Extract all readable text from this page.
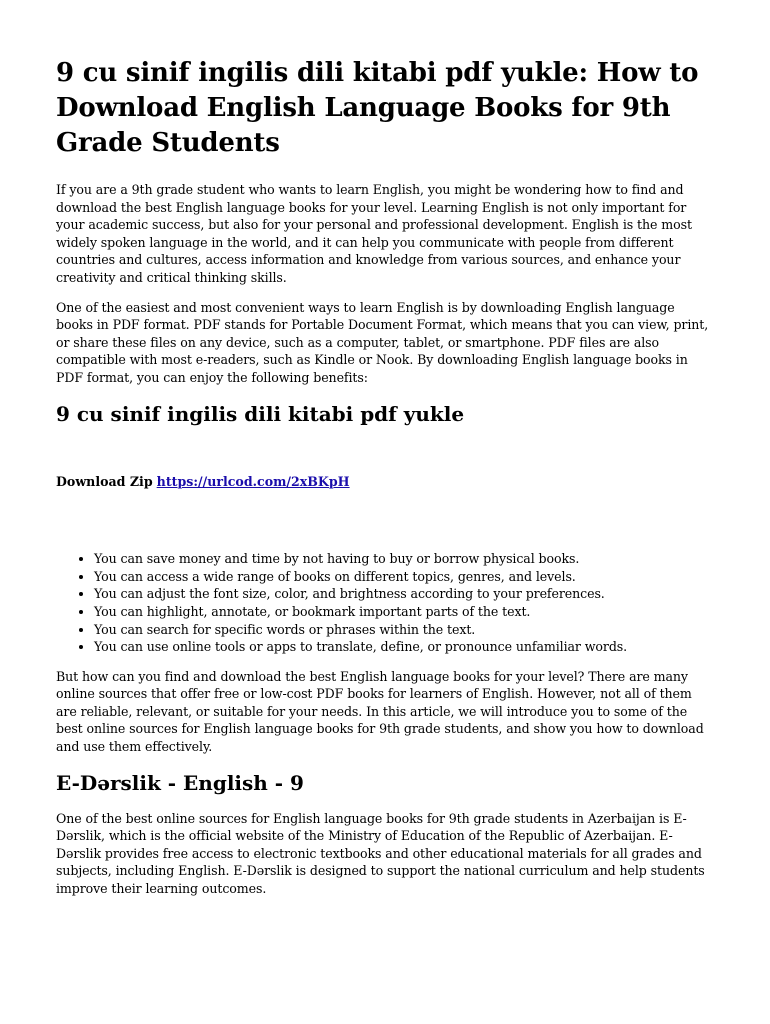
9 cu sinif ingilis dili kitabi pdf yukle: How to Download English Language Books for 9th Grade Students

If you are a 9th grade student who wants to learn English, you might be wondering how to find and download the best English language books for your level. Learning English is not only important for your academic success, but also for your personal and professional development. English is the most widely spoken language in the world, and it can help you communicate with people from different countries and cultures, access information and knowledge from various sources, and enhance your creativity and critical thinking skills.

One of the easiest and most convenient ways to learn English is by downloading English language books in PDF format. PDF stands for Portable Document Format, which means that you can view, print, or share these files on any device, such as a computer, tablet, or smartphone. PDF files are also compatible with most e-readers, such as Kindle or Nook. By downloading English language books in PDF format, you can enjoy the following benefits:

9 cu sinif ingilis dili kitabi pdf yukle
Download Zip https://urlcod.com/2xBKpH
• You can save money and time by not having to buy or borrow physical books.
• You can access a wide range of books on different topics, genres, and levels.
• You can adjust the font size, color, and brightness according to your preferences.
• You can highlight, annotate, or bookmark important parts of the text.
• You can search for specific words or phrases within the text.
• You can use online tools or apps to translate, define, or pronounce unfamiliar words.

But how can you find and download the best English language books for your level? There are many online sources that offer free or low-cost PDF books for learners of English. However, not all of them are reliable, relevant, or suitable for your needs. In this article, we will introduce you to some of the best online sources for English language books for 9th grade students, and show you how to download and use them effectively.

E-Dərslik - English - 9

One of the best online sources for English language books for 9th grade students in Azerbaijan is E-Dərslik, which is the official website of the Ministry of Education of the Republic of Azerbaijan. E-Dərslik provides free access to electronic textbooks and other educational materials for all grades and subjects, including English. E-Dərslik is designed to support the national curriculum and help students improve their learning outcomes.
